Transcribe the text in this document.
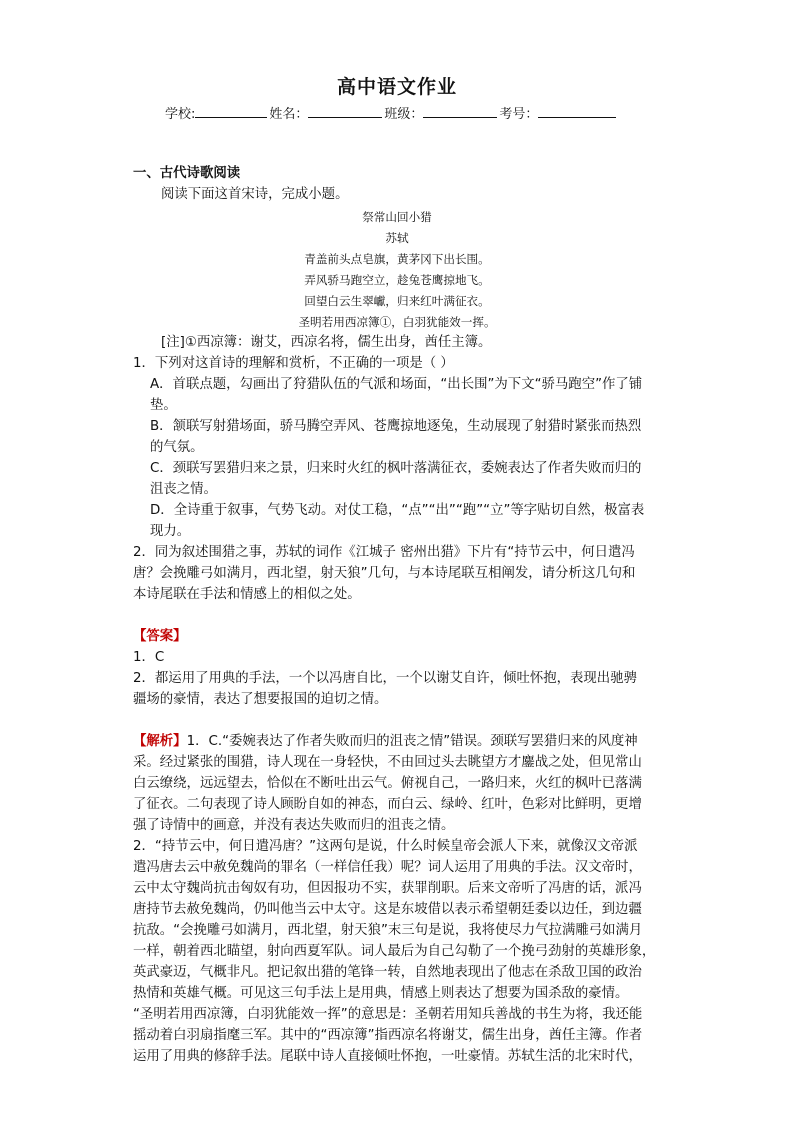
高中语文作业
学校:	姓名：	班级：	考号：
一、古代诗歌阅读
阅读下面这首宋诗，完成小题。
祭常山回小猎
苏轼
青盖前头点皂旗，黄茅冈下出长围。
弄风骄马跑空立，趁兔苍鹰掠地飞。
回望白云生翠巘，归来红叶满征衣。
圣明若用西凉簿①，白羽犹能效一挥。
[注]①西凉簿：谢艾，西凉名将，儒生出身，酋任主簿。
1．下列对这首诗的理解和赏析，不正确的一项是（ ）
A．首联点题，勾画出了狩猎队伍的气派和场面，“出长围”为下文“骄马跑空”作了铺
垫。
B．颔联写射猎场面，骄马腾空弄风、苍鹰掠地逐兔，生动展现了射猎时紧张而热烈
的气氛。
C．颈联写罢猎归来之景，归来时火红的枫叶落满征衣，委婉表达了作者失败而归的
沮丧之情。
D．全诗重于叙事，气势飞动。对仗工稳，“点”“出”“跑”“立”等字贴切自然，极富表
现力。
2．同为叙述围猎之事，苏轼的词作《江城子 密州出猎》下片有“持节云中，何日遣冯
唐？会挽雕弓如满月，西北望，射天狼”几句，与本诗尾联互相阐发，请分析这几句和
本诗尾联在手法和情感上的相似之处。
【答案】
1．C
2．都运用了用典的手法，一个以冯唐自比，一个以谢艾自许，倾吐怀抱，表现出驰骋
疆场的豪情，表达了想要报国的迫切之情。
【解析】1．C.“委婉表达了作者失败而归的沮丧之情”错误。颈联写罢猎归来的风度神
采。经过紧张的围猎，诗人现在一身轻快，不由回过头去眺望方才鏖战之处，但见常山
白云缭绕，远远望去，恰似在不断吐出云气。俯视自己，一路归来，火红的枫叶已落满
了征衣。二句表现了诗人顾盼自如的神态，而白云、绿岭、红叶，色彩对比鲜明，更增
强了诗情中的画意，并没有表达失败而归的沮丧之情。
2．“持节云中，何日遣冯唐？”这两句是说，什么时候皇帝会派人下来，就像汉文帝派
遣冯唐去云中赦免魏尚的罪名（一样信任我）呢？词人运用了用典的手法。汉文帝时，
云中太守魏尚抗击匈奴有功，但因报功不实，获罪削职。后来文帝听了冯唐的话，派冯
唐持节去赦免魏尚，仍叫他当云中太守。这是东坡借以表示希望朝廷委以边任，到边疆
抗敌。“会挽雕弓如满月，西北望，射天狼”末三句是说，我将使尽力气拉满雕弓如满月
一样，朝着西北瞄望，射向西夏军队。词人最后为自己勾勒了一个挽弓劲射的英雄形象，
英武豪迈，气概非凡。把记叙出猎的笔锋一转，自然地表现出了他志在杀敌卫国的政治
热情和英雄气概。可见这三句手法上是用典，情感上则表达了想要为国杀敌的豪情。
“圣明若用西凉簿，白羽犹能效一挥”的意思是：圣朝若用知兵善战的书生为将，我还能
摇动着白羽扇指麾三军。其中的“西凉簿”指西凉名将谢艾，儒生出身，酋任主簿。作者
运用了用典的修辞手法。尾联中诗人直接倾吐怀抱，一吐豪情。苏轼生活的北宋时代，
